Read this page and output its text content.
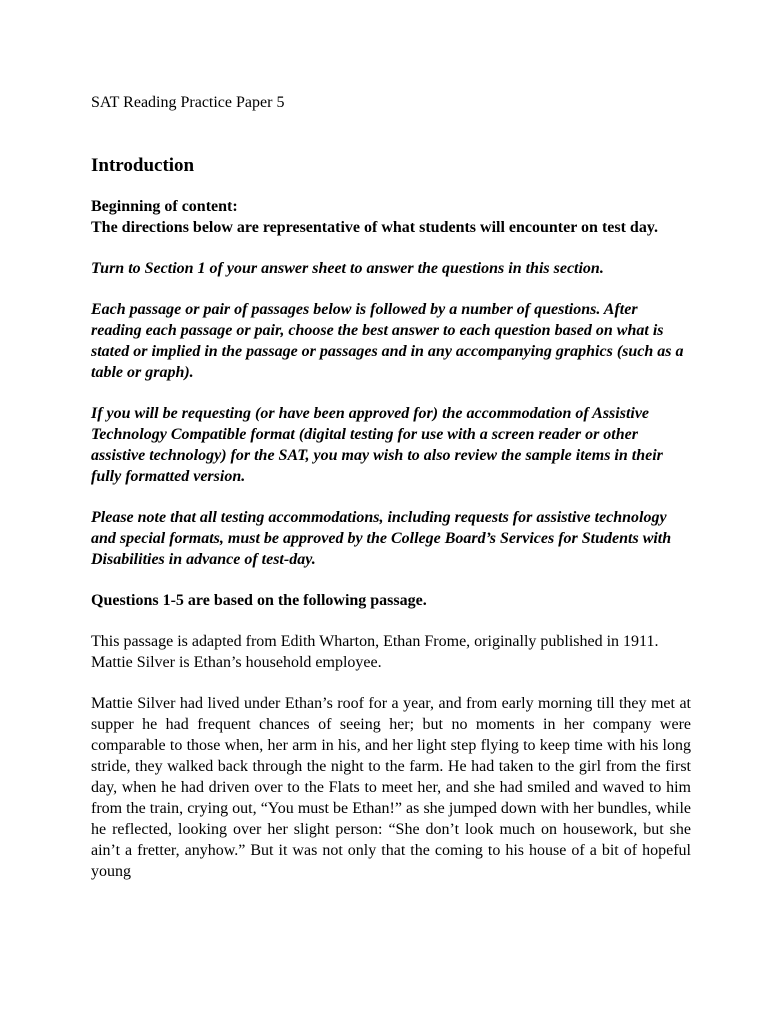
SAT Reading Practice Paper 5

Introduction

Beginning of content:

The directions below are representative of what students will encounter on test day.

Turn to Section 1 of your answer sheet to answer the questions in this section.

Each passage or pair of passages below is followed by a number of questions. After reading each passage or pair, choose the best answer to each question based on what is stated or implied in the passage or passages and in any accompanying graphics (such as a table or graph).

If you will be requesting (or have been approved for) the accommodation of Assistive Technology Compatible format (digital testing for use with a screen reader or other assistive technology) for the SAT, you may wish to also review the sample items in their fully formatted version.

Please note that all testing accommodations, including requests for assistive technology and special formats, must be approved by the College Board’s Services for Students with Disabilities in advance of test-day.

Questions 1-5 are based on the following passage.

This passage is adapted from Edith Wharton, Ethan Frome, originally published in 1911. Mattie Silver is Ethan’s household employee.

Mattie Silver had lived under Ethan’s roof for a year, and from early morning till they met at supper he had frequent chances of seeing her; but no moments in her company were comparable to those when, her arm in his, and her light step flying to keep time with his long stride, they walked back through the night to the farm. He had taken to the girl from the first day, when he had driven over to the Flats to meet her, and she had smiled and waved to him from the train, crying out, “You must be Ethan!” as she jumped down with her bundles, while he reflected, looking over her slight person: “She don’t look much on housework, but she ain’t a fretter, anyhow.” But it was not only that the coming to his house of a bit of hopeful young
